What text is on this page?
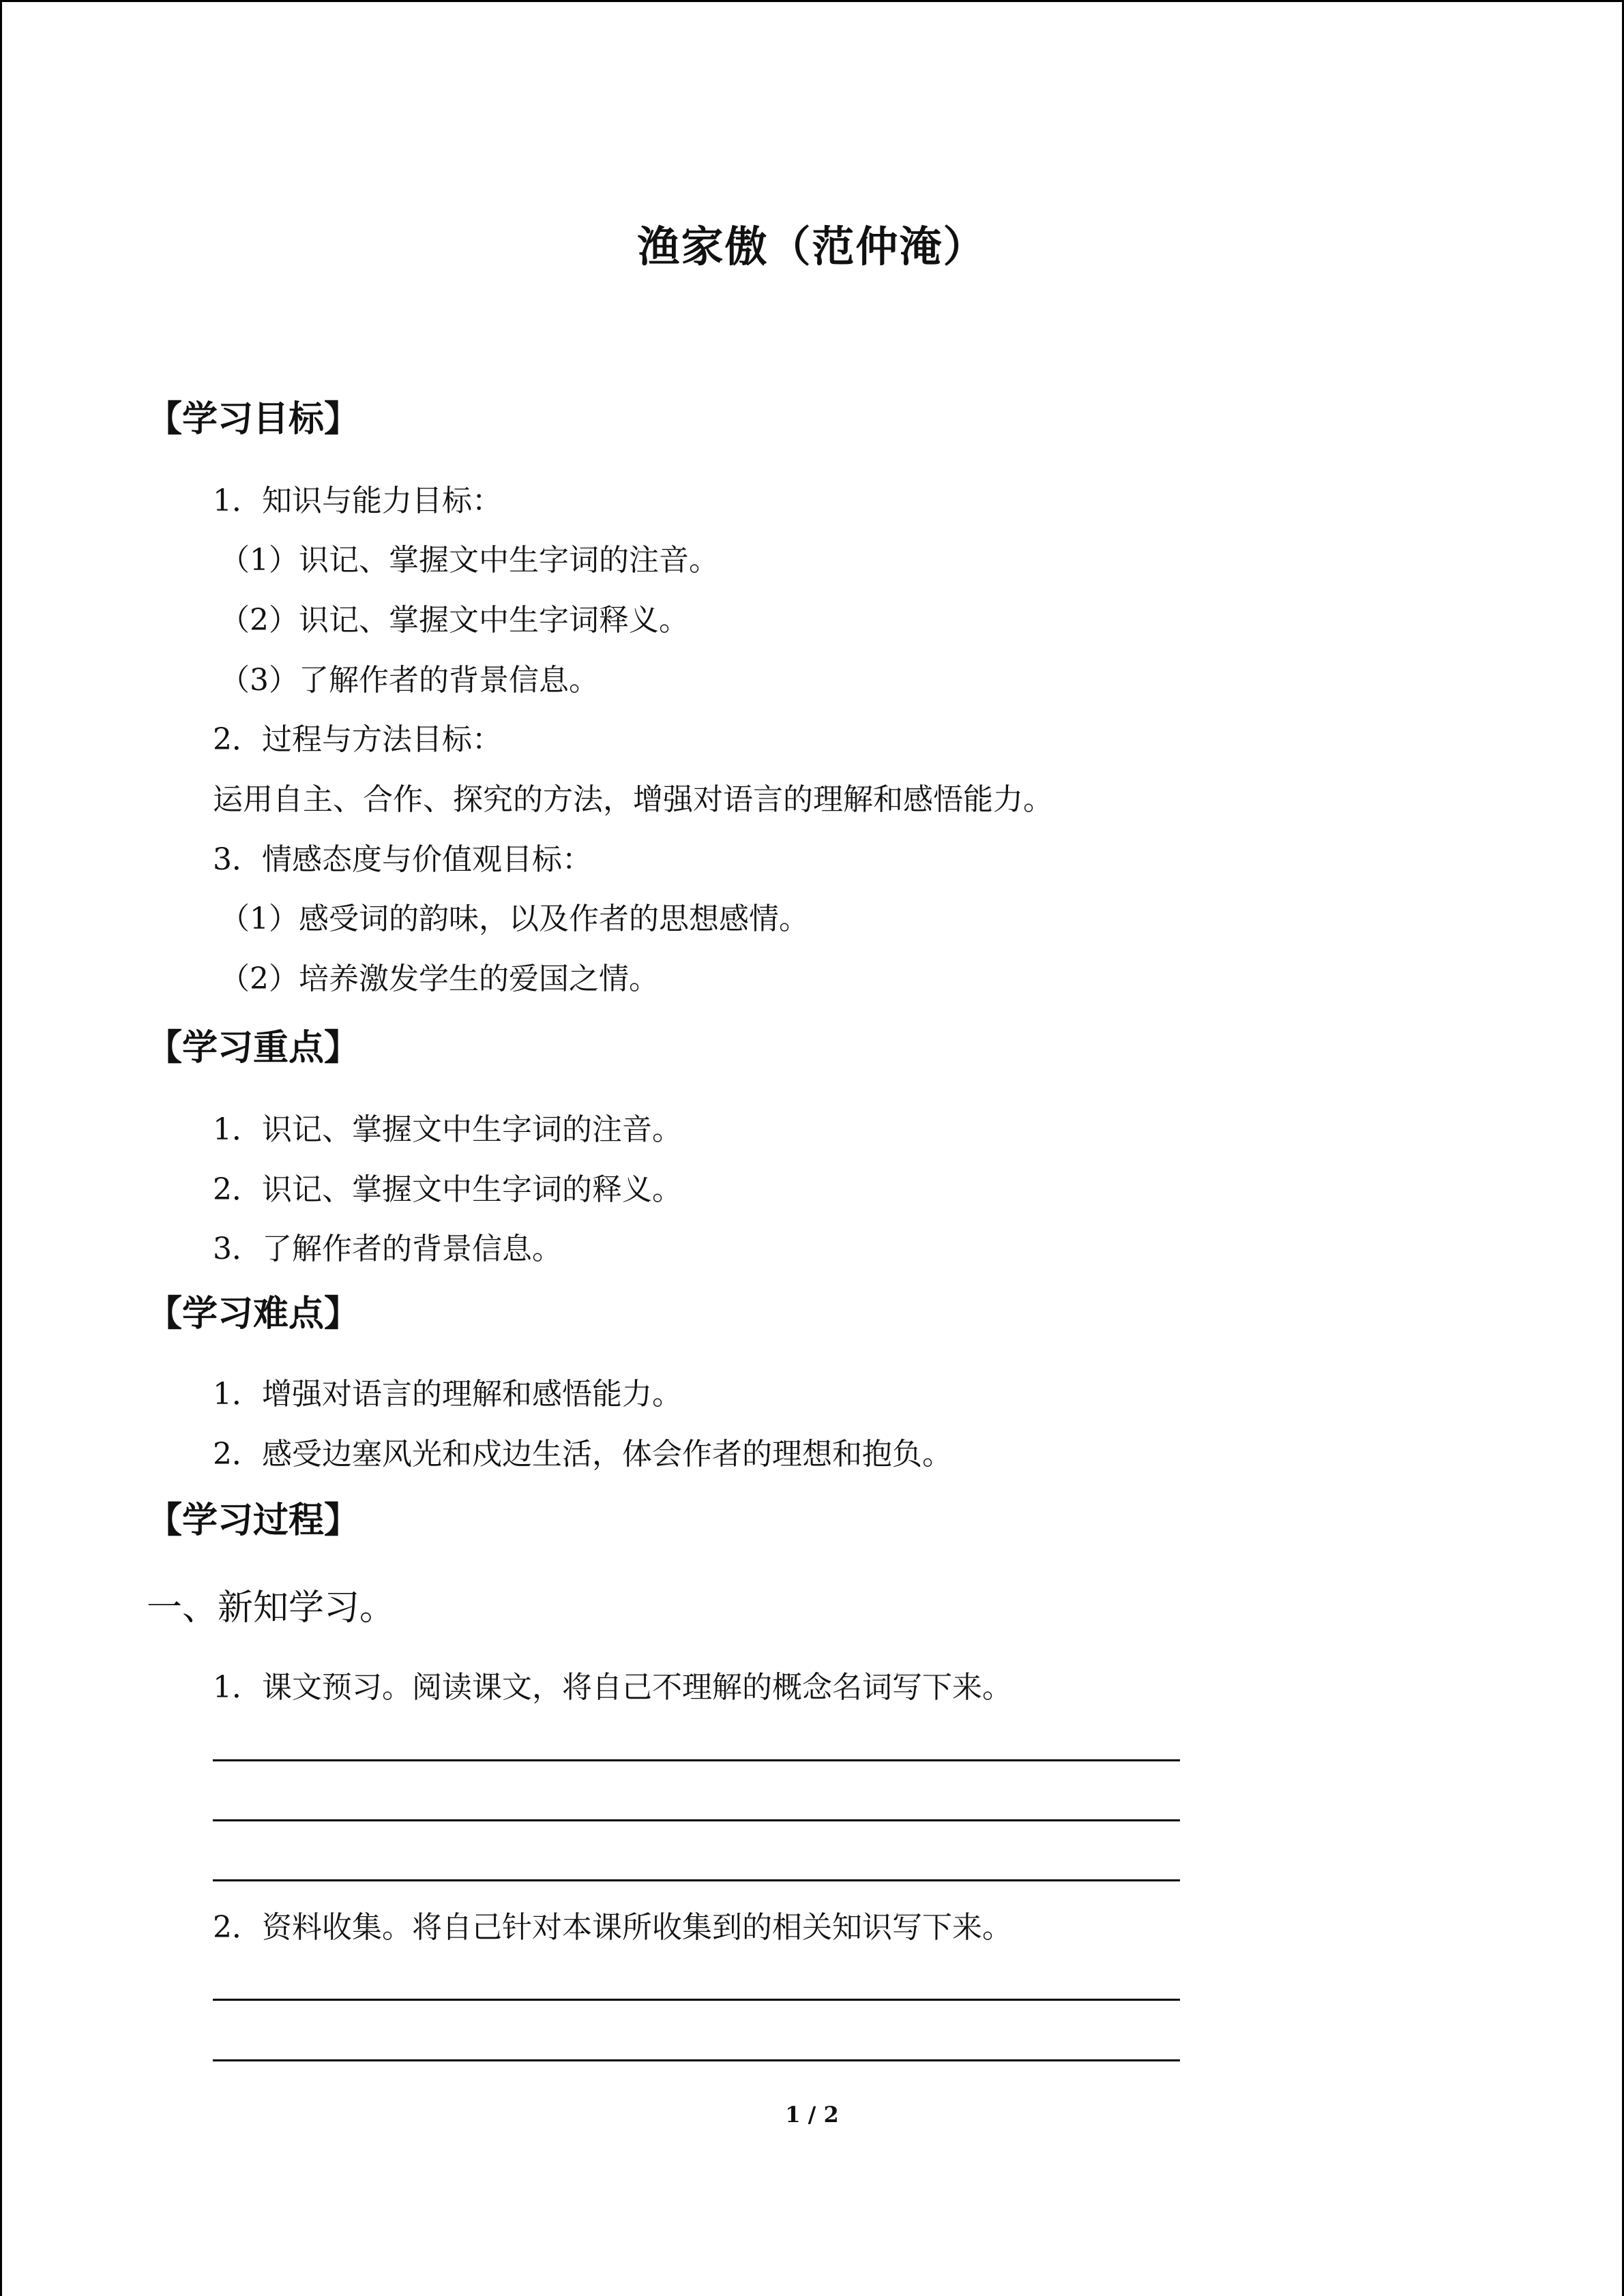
渔家傲（范仲淹）
【学习目标】
1．知识与能力目标：
（1）识记、掌握文中生字词的注音。
（2）识记、掌握文中生字词释义。
（3）了解作者的背景信息。
2．过程与方法目标：
运用自主、合作、探究的方法，增强对语言的理解和感悟能力。
3．情感态度与价值观目标：
（1）感受词的韵味，以及作者的思想感情。
（2）培养激发学生的爱国之情。
【学习重点】
1．识记、掌握文中生字词的注音。
2．识记、掌握文中生字词的释义。
3．了解作者的背景信息。
【学习难点】
1．增强对语言的理解和感悟能力。
2．感受边塞风光和戍边生活，体会作者的理想和抱负。
【学习过程】
一、新知学习。
1．课文预习。阅读课文，将自己不理解的概念名词写下来。
2．资料收集。将自己针对本课所收集到的相关知识写下来。
1 / 2
